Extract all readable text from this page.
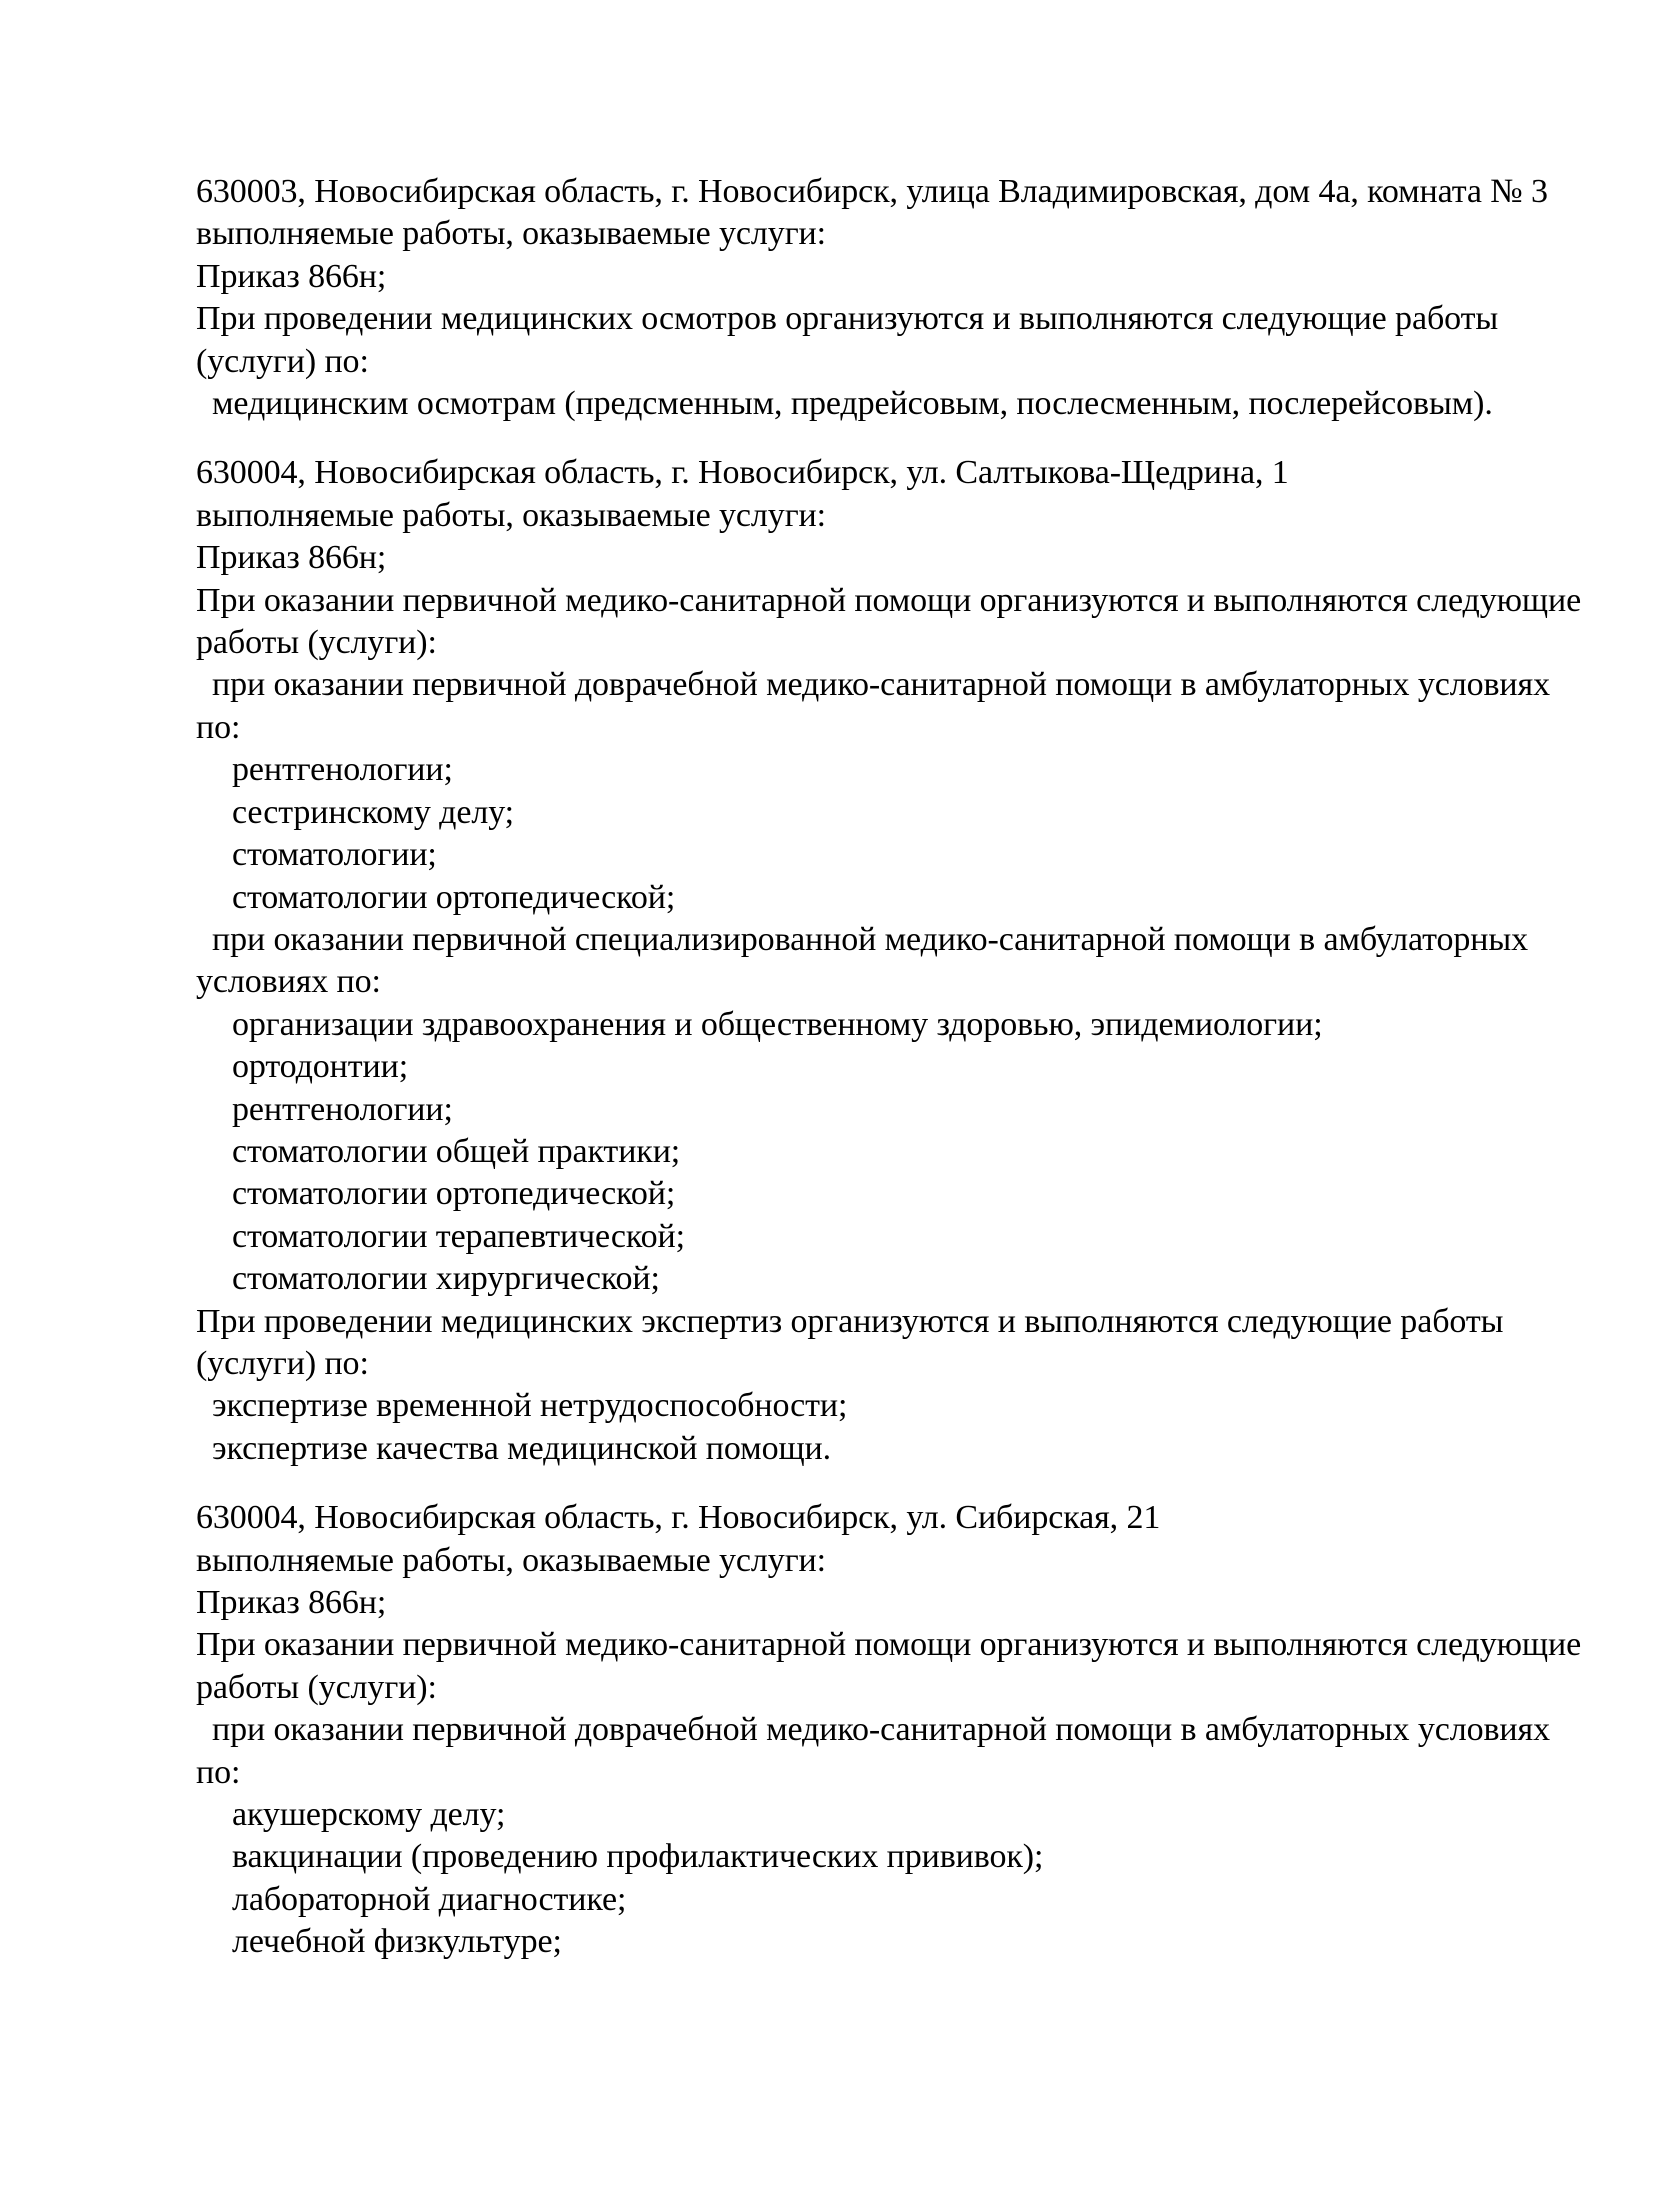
630003, Новосибирская область, г. Новосибирск, улица Владимировская, дом 4а, комната № 3
выполняемые работы, оказываемые услуги:
Приказ 866н;
При проведении медицинских осмотров организуются и выполняются следующие работы
(услуги) по:
медицинским осмотрам (предсменным, предрейсовым, послесменным, послерейсовым).
630004, Новосибирская область, г. Новосибирск, ул. Салтыкова-Щедрина, 1
выполняемые работы, оказываемые услуги:
Приказ 866н;
При оказании первичной медико-санитарной помощи организуются и выполняются следующие
работы (услуги):
при оказании первичной доврачебной медико-санитарной помощи в амбулаторных условиях
по:
рентгенологии;
сестринскому делу;
стоматологии;
стоматологии ортопедической;
при оказании первичной специализированной медико-санитарной помощи в амбулаторных
условиях по:
организации здравоохранения и общественному здоровью, эпидемиологии;
ортодонтии;
рентгенологии;
стоматологии общей практики;
стоматологии ортопедической;
стоматологии терапевтической;
стоматологии хирургической;
При проведении медицинских экспертиз организуются и выполняются следующие работы
(услуги) по:
экспертизе временной нетрудоспособности;
экспертизе качества медицинской помощи.
630004, Новосибирская область, г. Новосибирск, ул. Сибирская, 21
выполняемые работы, оказываемые услуги:
Приказ 866н;
При оказании первичной медико-санитарной помощи организуются и выполняются следующие
работы (услуги):
при оказании первичной доврачебной медико-санитарной помощи в амбулаторных условиях
по:
акушерскому делу;
вакцинации (проведению профилактических прививок);
лабораторной диагностике;
лечебной физкультуре;
